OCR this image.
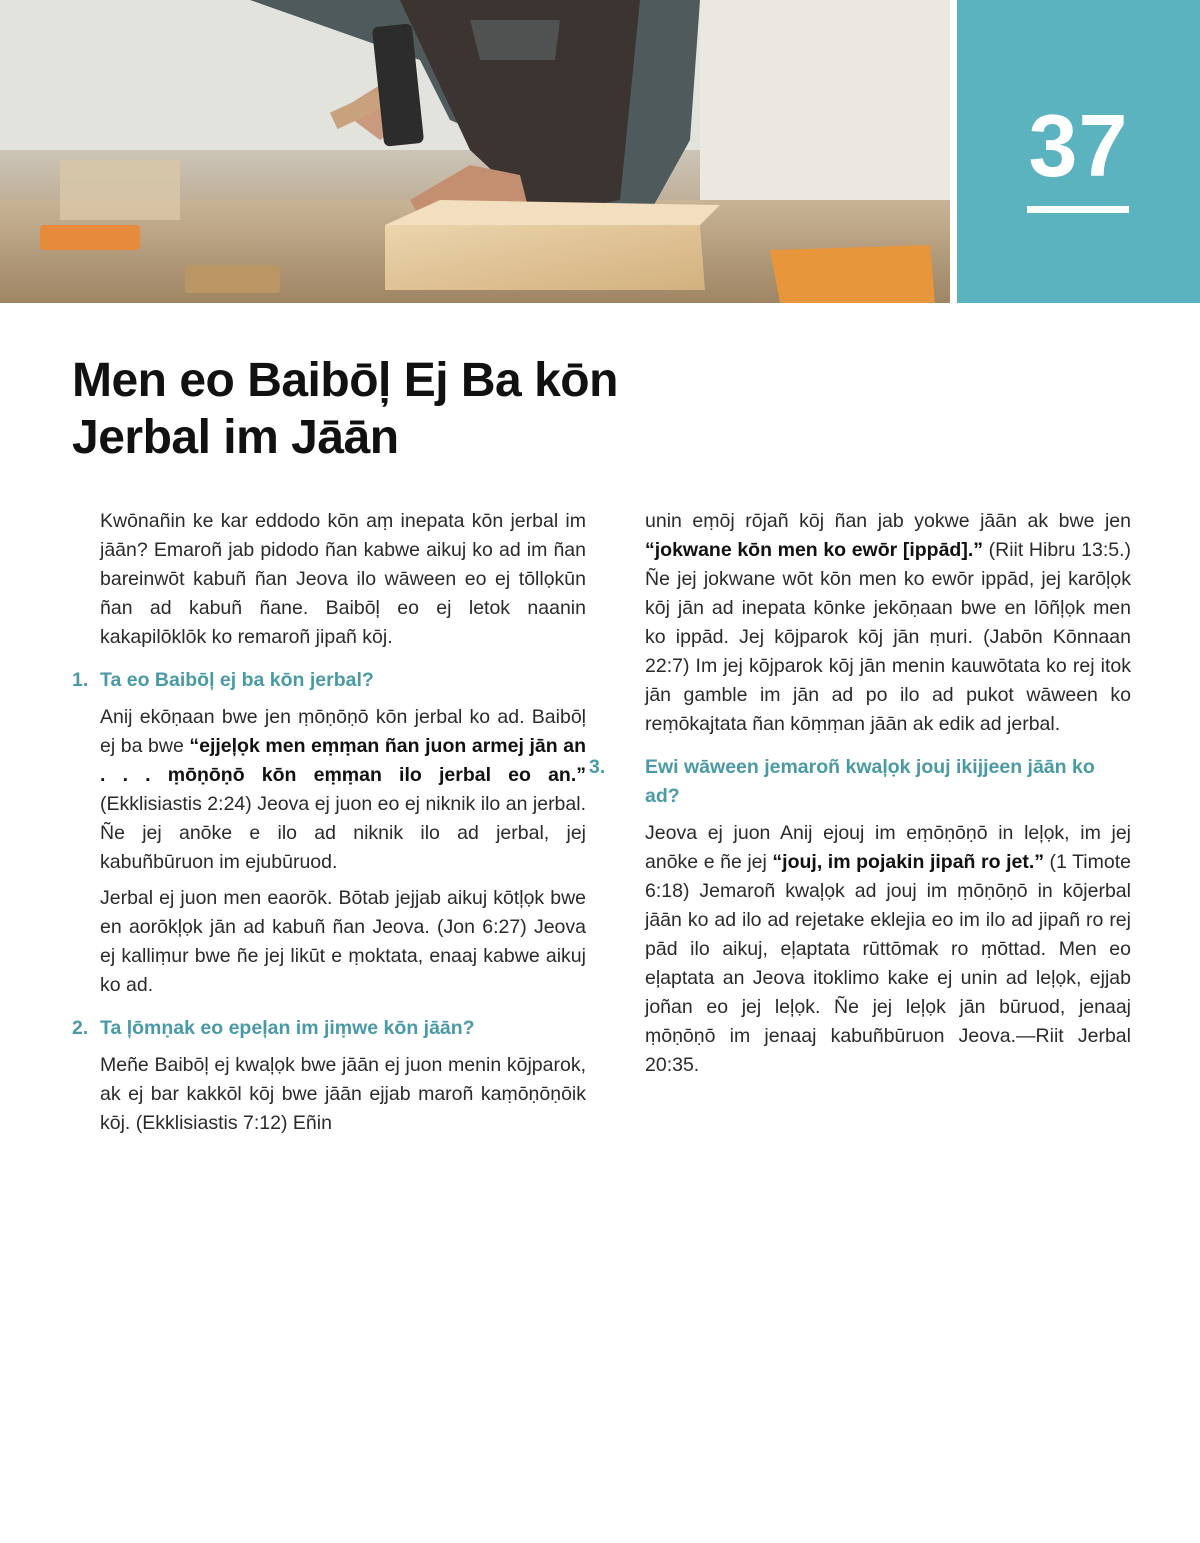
37
Men eo Baibōļ Ej Ba kōn
Jerbal im Jāān

Kwōnañin ke kar eddodo kōn aṃ inepata kōn jerbal im jāān? Emaroñ jab pidodo ñan kabwe aikuj ko ad im ñan bareinwōt kabuñ ñan Jeova ilo wāween eo ej tōllọkūn ñan ad kabuñ ñane. Baibōļ eo ej letok naanin kakapilōklōk ko remaroñ jipañ kōj.

1. Ta eo Baibōļ ej ba kōn jerbal?

Anij ekōṇaan bwe jen ṃōṇōṇō kōn jerbal ko ad. Baibōļ ej ba bwe “ejjeļọk men eṃṃan ñan juon armej jān an . . . ṃōṇōṇō kōn eṃṃan ilo jerbal eo an.” (Ekklisiastis 2:24) Jeova ej juon eo ej niknik ilo an jerbal. Ñe jej anōke e ilo ad niknik ilo ad jerbal, jej kabuñbūruon im ejubūruod.

Jerbal ej juon men eaorōk. Bōtab jejjab aikuj kōtļọk bwe en aorōkļọk jān ad kabuñ ñan Jeova. (Jon 6:27) Jeova ej kalliṃur bwe ñe jej likūt e ṃoktata, enaaj kabwe aikuj ko ad.

2. Ta ļōmṇak eo epeļan im jiṃwe kōn jāān?

Meñe Baibōļ ej kwaļọk bwe jāān ej juon menin kōjparok, ak ej bar kakkōl kōj bwe jāān ejjab maroñ kaṃōṇōṇōik kōj. (Ekklisiastis 7:12) Eñin

unin eṃōj rōjañ kōj ñan jab yokwe jāān ak bwe jen “jokwane kōn men ko ewōr [ippād].” (Riit Hibru 13:5.) Ñe jej jokwane wōt kōn men ko ewōr ippād, jej karōļọk kōj jān ad inepata kōnke jekōṇaan bwe en lōñļọk men ko ippād. Jej kōjparok kōj jān ṃuri. (Jabōn Kōnnaan 22:7) Im jej kōjparok kōj jān menin kauwōtata ko rej itok jān gamble im jān ad po ilo ad pukot wāween ko reṃōkajtata ñan kōṃṃan jāān ak edik ad jerbal.

3. Ewi wāween jemaroñ kwaļọk jouj ikijjeen jāān ko ad?

Jeova ej juon Anij ejouj im eṃōṇōṇō in leļọk, im jej anōke e ñe jej “jouj, im pojakin jipañ ro jet.” (1 Timote 6:18) Jemaroñ kwaļọk ad jouj im ṃōṇōṇō in kōjerbal jāān ko ad ilo ad rejetake eklejia eo im ilo ad jipañ ro rej pād ilo aikuj, eļaptata rūttōmak ro ṃōttad. Men eo eļaptata an Jeova itoklimo kake ej unin ad leļọk, ejjab joñan eo jej leļọk. Ñe jej leļọk jān būruod, jenaaj ṃōṇōṇō im jenaaj kabuñbūruon Jeova.—Riit Jerbal 20:35.
